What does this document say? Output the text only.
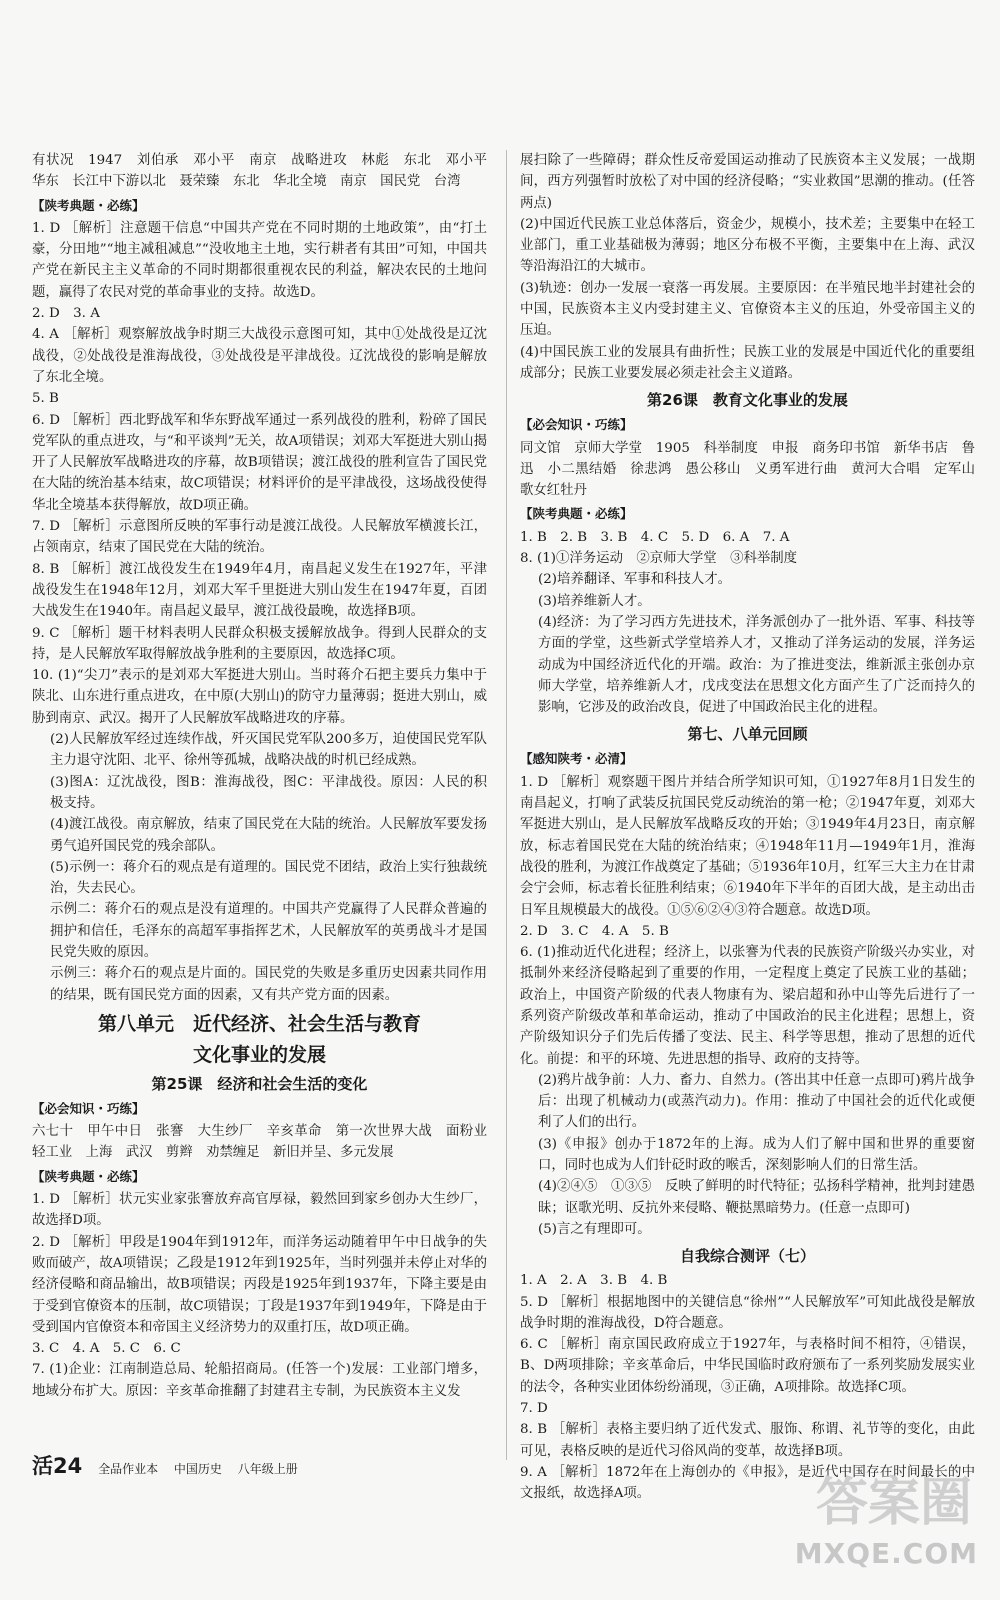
有状况　1947　刘伯承　邓小平　南京　战略进攻　林彪　东北　邓小平　华东　长江中下游以北　聂荣臻　东北　华北全境　南京　国民党　台湾
【陕考典题・必练】
1. D ［解析］注意题干信息“中国共产党在不同时期的土地政策”，由“打土豪，分田地”“地主减租减息”“没收地主土地，实行耕者有其田”可知，中国共产党在新民主主义革命的不同时期都很重视农民的利益，解决农民的土地问题，赢得了农民对党的革命事业的支持。故选D。
2. D　3. A
4. A ［解析］观察解放战争时期三大战役示意图可知，其中①处战役是辽沈战役，②处战役是淮海战役，③处战役是平津战役。辽沈战役的影响是解放了东北全境。
5. B
6. D ［解析］西北野战军和华东野战军通过一系列战役的胜利，粉碎了国民党军队的重点进攻，与“和平谈判”无关，故A项错误；刘邓大军挺进大别山揭开了人民解放军战略进攻的序幕，故B项错误；渡江战役的胜利宣告了国民党在大陆的统治基本结束，故C项错误；材料评价的是平津战役，这场战役使得华北全境基本获得解放，故D项正确。
7. D ［解析］示意图所反映的军事行动是渡江战役。人民解放军横渡长江，占领南京，结束了国民党在大陆的统治。
8. B ［解析］渡江战役发生在1949年4月，南昌起义发生在1927年，平津战役发生在1948年12月，刘邓大军千里挺进大别山发生在1947年夏，百团大战发生在1940年。南昌起义最早，渡江战役最晚，故选择B项。
9. C ［解析］题干材料表明人民群众积极支援解放战争。得到人民群众的支持，是人民解放军取得解放战争胜利的主要原因，故选择C项。
10. (1)“尖刀”表示的是刘邓大军挺进大别山。当时蒋介石把主要兵力集中于陕北、山东进行重点进攻，在中原(大别山)的防守力量薄弱；挺进大别山，威胁到南京、武汉。揭开了人民解放军战略进攻的序幕。
(2)人民解放军经过连续作战，歼灭国民党军队200多万，迫使国民党军队主力退守沈阳、北平、徐州等孤城，战略决战的时机已经成熟。
(3)图A：辽沈战役，图B：淮海战役，图C：平津战役。原因：人民的积极支持。
(4)渡江战役。南京解放，结束了国民党在大陆的统治。人民解放军要发扬勇气追歼国民党的残余部队。
(5)示例一：蒋介石的观点是有道理的。国民党不团结，政治上实行独裁统治，失去民心。
示例二：蒋介石的观点是没有道理的。中国共产党赢得了人民群众普遍的拥护和信任，毛泽东的高超军事指挥艺术，人民解放军的英勇战斗才是国民党失败的原因。
示例三：蒋介石的观点是片面的。国民党的失败是多重历史因素共同作用的结果，既有国民党方面的因素，又有共产党方面的因素。
第八单元　近代经济、社会生活与教育
文化事业的发展
第25课　经济和社会生活的变化
【必会知识・巧练】
六七十　甲午中日　张謇　大生纱厂　辛亥革命　第一次世界大战　面粉业　轻工业　上海　武汉　剪辫　劝禁缠足　新旧并呈、多元发展
【陕考典题・必练】
1. D ［解析］状元实业家张謇放弃高官厚禄，毅然回到家乡创办大生纱厂，故选择D项。
2. D ［解析］甲段是1904年到1912年，而洋务运动随着甲午中日战争的失败而破产，故A项错误；乙段是1912年到1925年，当时列强并未停止对华的经济侵略和商品输出，故B项错误；丙段是1925年到1937年，下降主要是由于受到官僚资本的压制，故C项错误；丁段是1937年到1949年，下降是由于受到国内官僚资本和帝国主义经济势力的双重打压，故D项正确。
3. C　4. A　5. C　6. C
7. (1)企业：江南制造总局、轮船招商局。(任答一个)发展：工业部门增多，地域分布扩大。原因：辛亥革命推翻了封建君主专制，为民族资本主义发
展扫除了一些障碍；群众性反帝爱国运动推动了民族资本主义发展；一战期间，西方列强暂时放松了对中国的经济侵略；“实业救国”思潮的推动。(任答两点)
(2)中国近代民族工业总体落后，资金少，规模小，技术差；主要集中在轻工业部门，重工业基础极为薄弱；地区分布极不平衡，主要集中在上海、武汉等沿海沿江的大城市。
(3)轨迹：创办一发展一衰落一再发展。主要原因：在半殖民地半封建社会的中国，民族资本主义内受封建主义、官僚资本主义的压迫，外受帝国主义的压迫。
(4)中国民族工业的发展具有曲折性；民族工业的发展是中国近代化的重要组成部分；民族工业要发展必须走社会主义道路。
第26课　教育文化事业的发展
【必会知识・巧练】
同文馆　京师大学堂　1905　科举制度　申报　商务印书馆　新华书店　鲁迅　小二黑结婚　徐悲鸿　愚公移山　义勇军进行曲　黄河大合唱　定军山　歌女红牡丹
【陕考典题・必练】
1. B　2. B　3. B　4. C　5. D　6. A　7. A
8. (1)①洋务运动　②京师大学堂　③科举制度
(2)培养翻译、军事和科技人才。
(3)培养维新人才。
(4)经济：为了学习西方先进技术，洋务派创办了一批外语、军事、科技等方面的学堂，这些新式学堂培养人才，又推动了洋务运动的发展，洋务运动成为中国经济近代化的开端。政治：为了推进变法，维新派主张创办京师大学堂，培养维新人才，戊戌变法在思想文化方面产生了广泛而持久的影响，它涉及的政治改良，促进了中国政治民主化的进程。
第七、八单元回顾
【感知陕考・必清】
1. D ［解析］观察题干图片并结合所学知识可知，①1927年8月1日发生的南昌起义，打响了武装反抗国民党反动统治的第一枪；②1947年夏，刘邓大军挺进大别山，是人民解放军战略反攻的开始；③1949年4月23日，南京解放，标志着国民党在大陆的统治结束；④1948年11月—1949年1月，淮海战役的胜利，为渡江作战奠定了基础；⑤1936年10月，红军三大主力在甘肃会宁会师，标志着长征胜利结束；⑥1940年下半年的百团大战，是主动出击日军且规模最大的战役。①⑤⑥②④③符合题意。故选D项。
2. D　3. C　4. A　5. B
6. (1)推动近代化进程；经济上，以张謇为代表的民族资产阶级兴办实业，对抵制外来经济侵略起到了重要的作用，一定程度上奠定了民族工业的基础；政治上，中国资产阶级的代表人物康有为、梁启超和孙中山等先后进行了一系列资产阶级改革和革命运动，推动了中国政治的民主化进程；思想上，资产阶级知识分子们先后传播了变法、民主、科学等思想，推动了思想的近代化。前提：和平的环境、先进思想的指导、政府的支持等。
(2)鸦片战争前：人力、畜力、自然力。(答出其中任意一点即可)鸦片战争后：出现了机械动力(或蒸汽动力)。作用：推动了中国社会的近代化或便利了人们的出行。
(3)《申报》创办于1872年的上海。成为人们了解中国和世界的重要窗口，同时也成为人们针砭时政的喉舌，深刻影响人们的日常生活。
(4)②④⑤　①③⑤　反映了鲜明的时代特征；弘扬科学精神，批判封建愚昧；讴歌光明、反抗外来侵略、鞭挞黑暗势力。(任意一点即可)
(5)言之有理即可。
自我综合测评（七）
1. A　2. A　3. B　4. B
5. D ［解析］根据地图中的关键信息“徐州”“人民解放军”可知此战役是解放战争时期的淮海战役，D符合题意。
6. C ［解析］南京国民政府成立于1927年，与表格时间不相符，④错误，B、D两项排除；辛亥革命后，中华民国临时政府颁布了一系列奖励发展实业的法令，各种实业团体纷纷涌现，③正确，A项排除。故选择C项。
7. D
8. B ［解析］表格主要归纳了近代发式、服饰、称谓、礼节等的变化，由此可见，表格反映的是近代习俗风尚的变革，故选择B项。
9. A ［解析］1872年在上海创办的《申报》，是近代中国存在时间最长的中文报纸，故选择A项。
活24 全品作业本 中国历史 八年级上册
答案圈
MXQE.COM
